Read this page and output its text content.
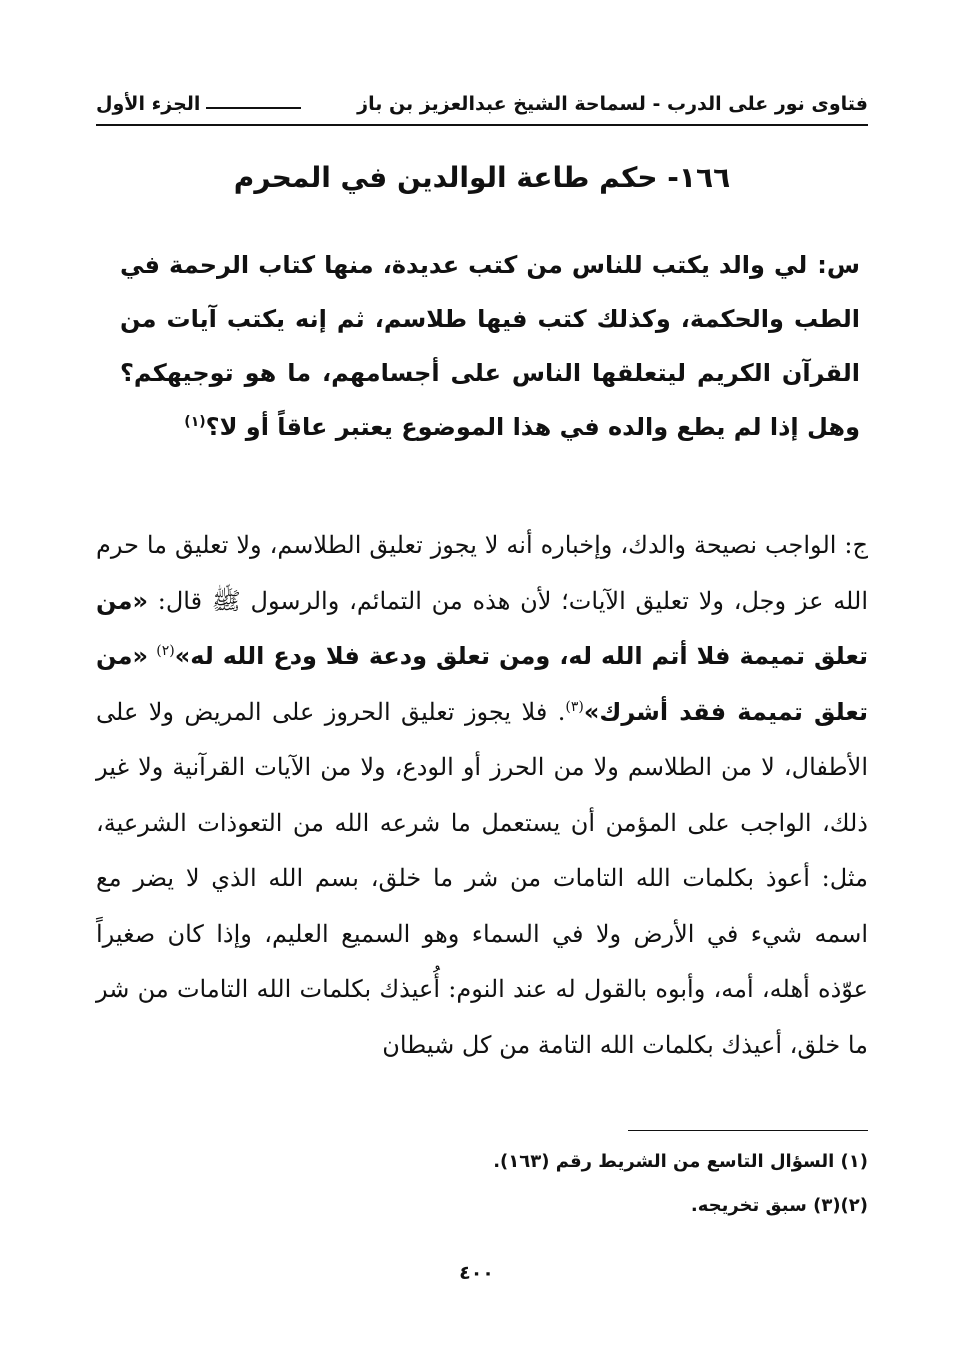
فتاوى نور على الدرب - لسماحة الشيخ عبدالعزيز بن باز
الجزء الأول
١٦٦- حكم طاعة الوالدين في المحرم
س:لي والد يكتب للناس من كتب عديدة، منها كتاب الرحمة في الطب والحكمة، وكذلك كتب فيها طلاسم، ثم إنه يكتب آيات من القرآن الكريم ليتعلقها الناس على أجسامهم، ما هو توجيهكم؟ وهل إذا لم يطع والده في هذا الموضوع يعتبر عاقاً أو لا؟$^{(١)}$
ج:الواجب نصيحة والدك، وإخباره أنه لا يجوز تعليق الطلاسم، ولا تعليق ما حرم الله عز وجل، ولا تعليق الآيات؛ لأن هذه من التمائم، والرسول ﷺ قال: «من تعلق تميمة فلا أتم الله له، ومن تعلق ودعة فلا ودع الله له»$^{(٢)}$ «من تعلق تميمة فقد أشرك»$^{(٣)}$. فلا يجوز تعليق الحروز على المريض ولا على الأطفال، لا من الطلاسم ولا من الحرز أو الودع، ولا من الآيات القرآنية ولا غير ذلك، الواجب على المؤمن أن يستعمل ما شرعه الله من التعوذات الشرعية، مثل: أعوذ بكلمات الله التامات من شر ما خلق، بسم الله الذي لا يضر مع اسمه شيء في الأرض ولا في السماء وهو السميع العليم، وإذا كان صغيراً عوّذه أهله، أمه، وأبوه بالقول له عند النوم: أُعيذك بكلمات الله التامات من شر ما خلق، أعيذك بكلمات الله التامة من كل شيطان
(١) السؤال التاسع من الشريط رقم (١٦٣).
(٢)(٣) سبق تخريجه.
٤٠٠
